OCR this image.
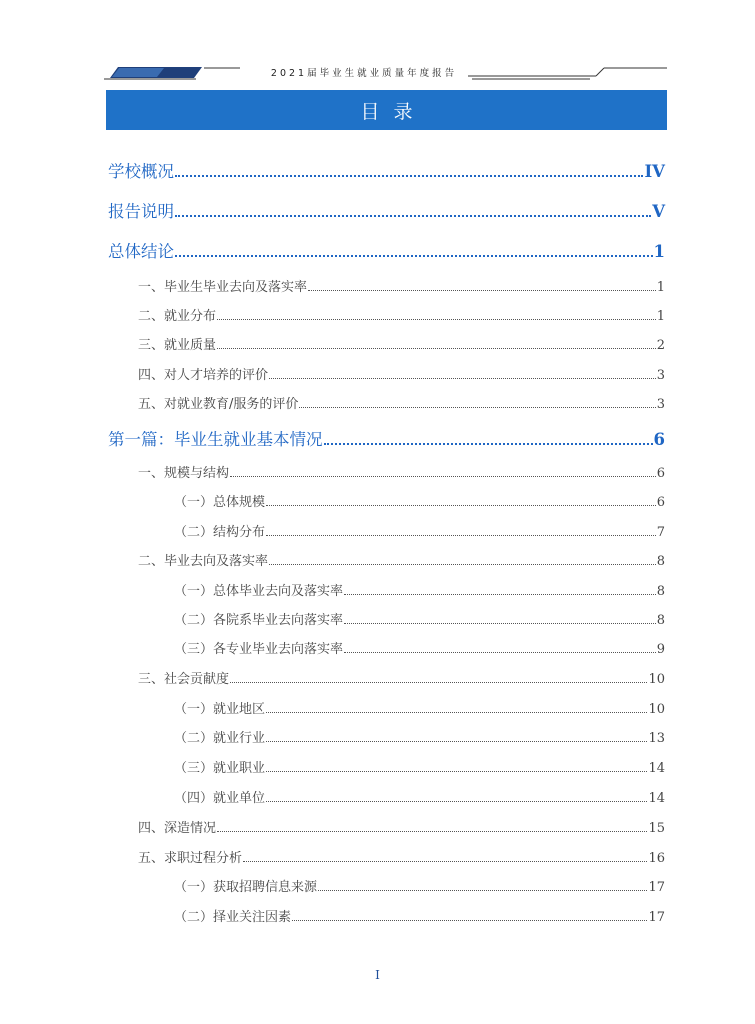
2021届毕业生就业质量年度报告
目录
学校概况	IV
报告说明	V
总体结论	1
一、毕业生毕业去向及落实率	1
二、就业分布	1
三、就业质量	2
四、对人才培养的评价	3
五、对就业教育/服务的评价	3
第一篇：毕业生就业基本情况	6
一、规模与结构	6
（一）总体规模	6
（二）结构分布	7
二、毕业去向及落实率	8
（一）总体毕业去向及落实率	8
（二）各院系毕业去向落实率	8
（三）各专业毕业去向落实率	9
三、社会贡献度	10
（一）就业地区	10
（二）就业行业	13
（三）就业职业	14
（四）就业单位	14
四、深造情况	15
五、求职过程分析	16
（一）获取招聘信息来源	17
（二）择业关注因素	17
I
